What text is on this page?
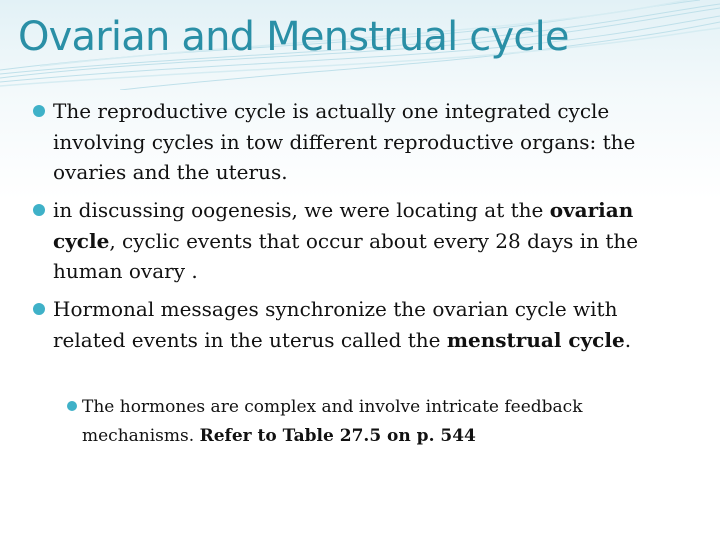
Ovarian and Menstrual cycle
The reproductive cycle is actually one integrated cycle involving cycles in tow different reproductive organs: the ovaries and the uterus.
in discussing oogenesis, we were locating at the ovarian cycle, cyclic events that occur about every 28 days in the human ovary .
Hormonal messages synchronize the ovarian cycle with related events in the uterus called the menstrual cycle.
The hormones are complex and involve intricate feedback mechanisms. Refer to Table 27.5 on p. 544
